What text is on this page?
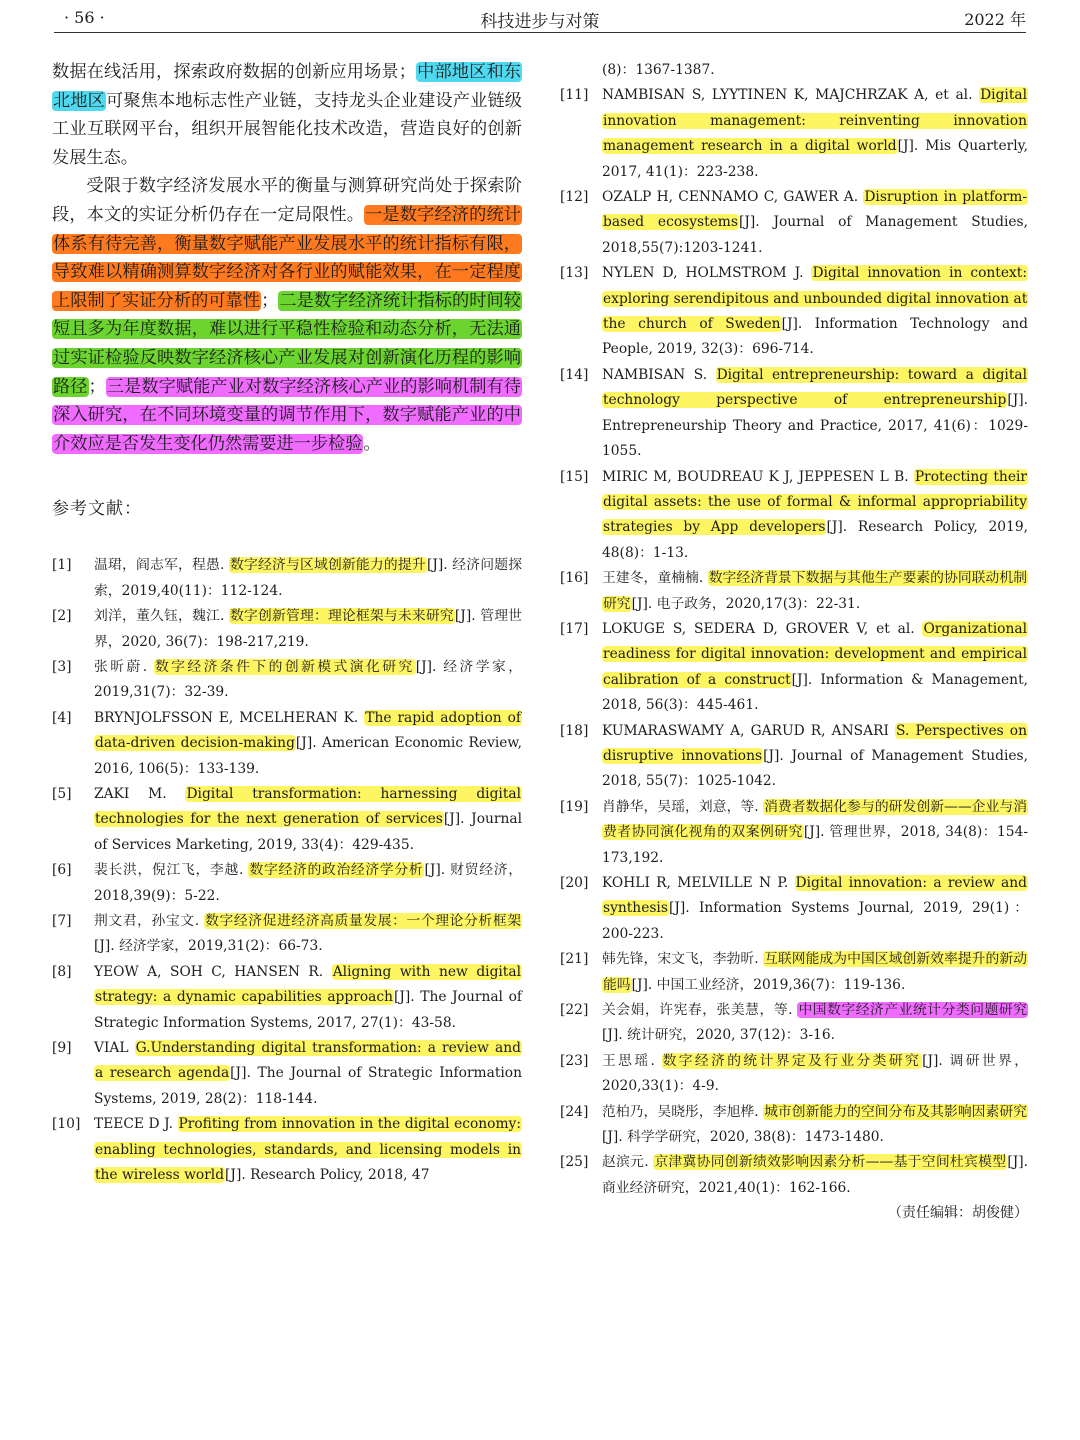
· 56 ·	科技进步与对策	2022 年

数据在线活用，探索政府数据的创新应用场景；中部地区和东北地区可聚焦本地标志性产业链，支持龙头企业建设产业链级工业互联网平台，组织开展智能化技术改造，营造良好的创新发展生态。

受限于数字经济发展水平的衡量与测算研究尚处于探索阶段，本文的实证分析仍存在一定局限性。一是数字经济的统计体系有待完善，衡量数字赋能产业发展水平的统计指标有限，导致难以精确测算数字经济对各行业的赋能效果，在一定程度上限制了实证分析的可靠性；二是数字经济统计指标的时间较短且多为年度数据，难以进行平稳性检验和动态分析，无法通过实证检验反映数字经济核心产业发展对创新演化历程的影响路径；三是数字赋能产业对数字经济核心产业的影响机制有待深入研究，在不同环境变量的调节作用下，数字赋能产业的中介效应是否发生变化仍然需要进一步检验。

参考文献：

[1] 温珺，阎志军，程愚. 数字经济与区域创新能力的提升[J]. 经济问题探索，2019,40(11)：112-124.

[2] 刘洋，董久钰，魏江. 数字创新管理：理论框架与未来研究[J]. 管理世界，2020, 36(7)：198-217,219.

[3] 张昕蔚. 数字经济条件下的创新模式演化研究[J]. 经济学家，2019,31(7)：32-39.

[4] BRYNJOLFSSON E, MCELHERAN K. The rapid adoption of data-driven decision-making[J]. American Economic Review, 2016, 106(5)：133-139.

[5] ZAKI M. Digital transformation: harnessing digital technologies for the next generation of services[J]. Journal of Services Marketing, 2019, 33(4)：429-435.

[6] 裴长洪，倪江飞，李越. 数字经济的政治经济学分析[J]. 财贸经济，2018,39(9)：5-22.

[7] 荆文君，孙宝文. 数字经济促进经济高质量发展：一个理论分析框架[J]. 经济学家，2019,31(2)：66-73.

[8] YEOW A, SOH C, HANSEN R. Aligning with new digital strategy: a dynamic capabilities approach[J]. The Journal of Strategic Information Systems, 2017, 27(1)：43-58.

[9] VIAL G.Understanding digital transformation: a review and a research agenda[J]. The Journal of Strategic Information Systems, 2019, 28(2)：118-144.

[10] TEECE D J. Profiting from innovation in the digital economy: enabling technologies, standards, and licensing models in the wireless world[J]. Research Policy, 2018, 47

(8)：1367-1387.

[11] NAMBISAN S, LYYTINEN K, MAJCHRZAK A, et al. Digital innovation management: reinventing innovation management research in a digital world[J]. Mis Quarterly, 2017, 41(1)：223-238.

[12] OZALP H, CENNAMO C, GAWER A. Disruption in platform-based ecosystems[J]. Journal of Management Studies, 2018,55(7):1203-1241.

[13] NYLEN D, HOLMSTROM J. Digital innovation in context: exploring serendipitous and unbounded digital innovation at the church of Sweden[J]. Information Technology and People, 2019, 32(3)：696-714.

[14] NAMBISAN S. Digital entrepreneurship: toward a digital technology perspective of entrepreneurship[J]. Entrepreneurship Theory and Practice, 2017, 41(6)：1029-1055.

[15] MIRIC M, BOUDREAU K J, JEPPESEN L B. Protecting their digital assets: the use of formal & informal appropriability strategies by App developers[J]. Research Policy, 2019, 48(8)：1-13.

[16] 王建冬，童楠楠. 数字经济背景下数据与其他生产要素的协同联动机制研究[J]. 电子政务，2020,17(3)：22-31.

[17] LOKUGE S, SEDERA D, GROVER V, et al. Organizational readiness for digital innovation: development and empirical calibration of a construct[J]. Information & Management, 2018, 56(3)：445-461.

[18] KUMARASWAMY A, GARUD R, ANSARI S. Perspectives on disruptive innovations[J]. Journal of Management Studies, 2018, 55(7)：1025-1042.

[19] 肖静华，吴瑶，刘意，等. 消费者数据化参与的研发创新——企业与消费者协同演化视角的双案例研究[J]. 管理世界，2018, 34(8)：154-173,192.

[20] KOHLI R, MELVILLE N P. Digital innovation: a review and synthesis[J]. Information Systems Journal, 2019, 29(1)：200-223.

[21] 韩先锋，宋文飞，李勃昕. 互联网能成为中国区域创新效率提升的新动能吗[J]. 中国工业经济，2019,36(7)：119-136.

[22] 关会娟，许宪春，张美慧，等. 中国数字经济产业统计分类问题研究[J]. 统计研究，2020, 37(12)：3-16.

[23] 王思瑶. 数字经济的统计界定及行业分类研究[J]. 调研世界，2020,33(1)：4-9.

[24] 范柏乃，吴晓彤，李旭桦. 城市创新能力的空间分布及其影响因素研究[J]. 科学学研究，2020, 38(8)：1473-1480.

[25] 赵滨元. 京津冀协同创新绩效影响因素分析——基于空间杜宾模型[J]. 商业经济研究，2021,40(1)：162-166.

（责任编辑：胡俊健）
